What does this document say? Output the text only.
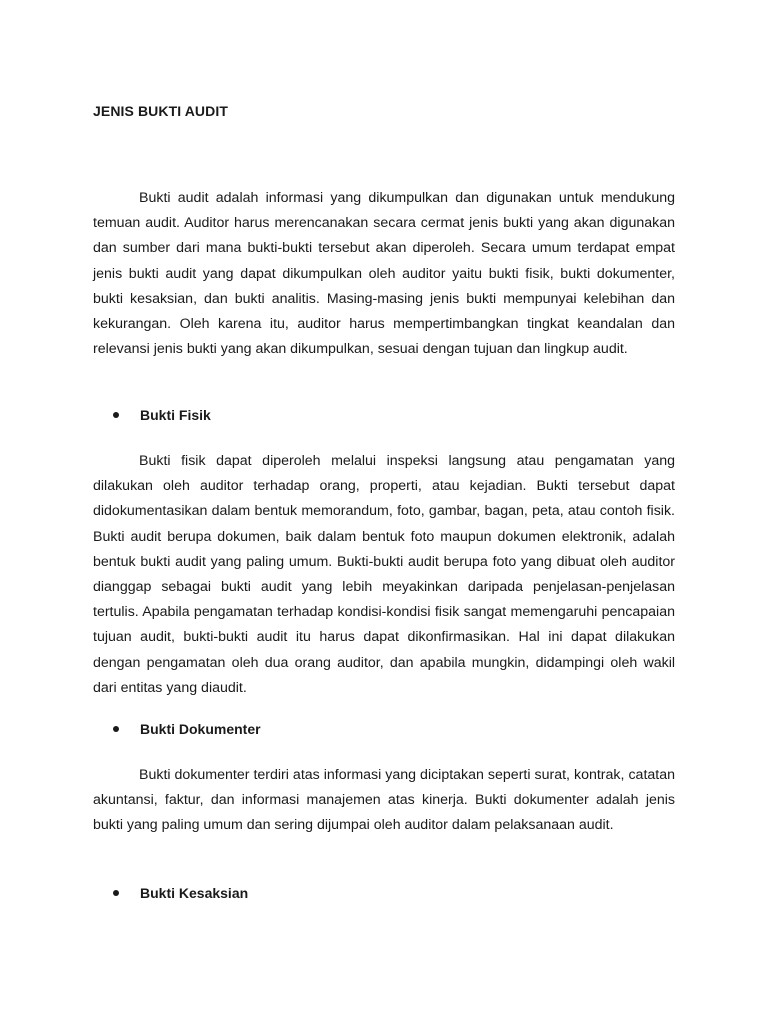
JENIS BUKTI AUDIT

Bukti audit adalah informasi yang dikumpulkan dan digunakan untuk mendukung temuan audit. Auditor harus merencanakan secara cermat jenis bukti yang akan digunakan dan sumber dari mana bukti-bukti tersebut akan diperoleh. Secara umum terdapat empat jenis bukti audit yang dapat dikumpulkan oleh auditor yaitu bukti fisik, bukti dokumenter, bukti kesaksian, dan bukti analitis. Masing-masing jenis bukti mempunyai kelebihan dan kekurangan. Oleh karena itu, auditor harus mempertimbangkan tingkat keandalan dan relevansi jenis bukti yang akan dikumpulkan, sesuai dengan tujuan dan lingkup audit.

Bukti Fisik

Bukti fisik dapat diperoleh melalui inspeksi langsung atau pengamatan yang dilakukan oleh auditor terhadap orang, properti, atau kejadian. Bukti tersebut dapat didokumentasikan dalam bentuk memorandum, foto, gambar, bagan, peta, atau contoh fisik. Bukti audit berupa dokumen, baik dalam bentuk foto maupun dokumen elektronik, adalah bentuk bukti audit yang paling umum. Bukti-bukti audit berupa foto yang dibuat oleh auditor dianggap sebagai bukti audit yang lebih meyakinkan daripada penjelasan-penjelasan tertulis. Apabila pengamatan terhadap kondisi-kondisi fisik sangat memengaruhi pencapaian tujuan audit, bukti-bukti audit itu harus dapat dikonfirmasikan. Hal ini dapat dilakukan dengan pengamatan oleh dua orang auditor, dan apabila mungkin, didampingi oleh wakil dari entitas yang diaudit.

Bukti Dokumenter

Bukti dokumenter terdiri atas informasi yang diciptakan seperti surat, kontrak, catatan akuntansi, faktur, dan informasi manajemen atas kinerja. Bukti dokumenter adalah jenis bukti yang paling umum dan sering dijumpai oleh auditor dalam pelaksanaan audit.

Bukti Kesaksian
